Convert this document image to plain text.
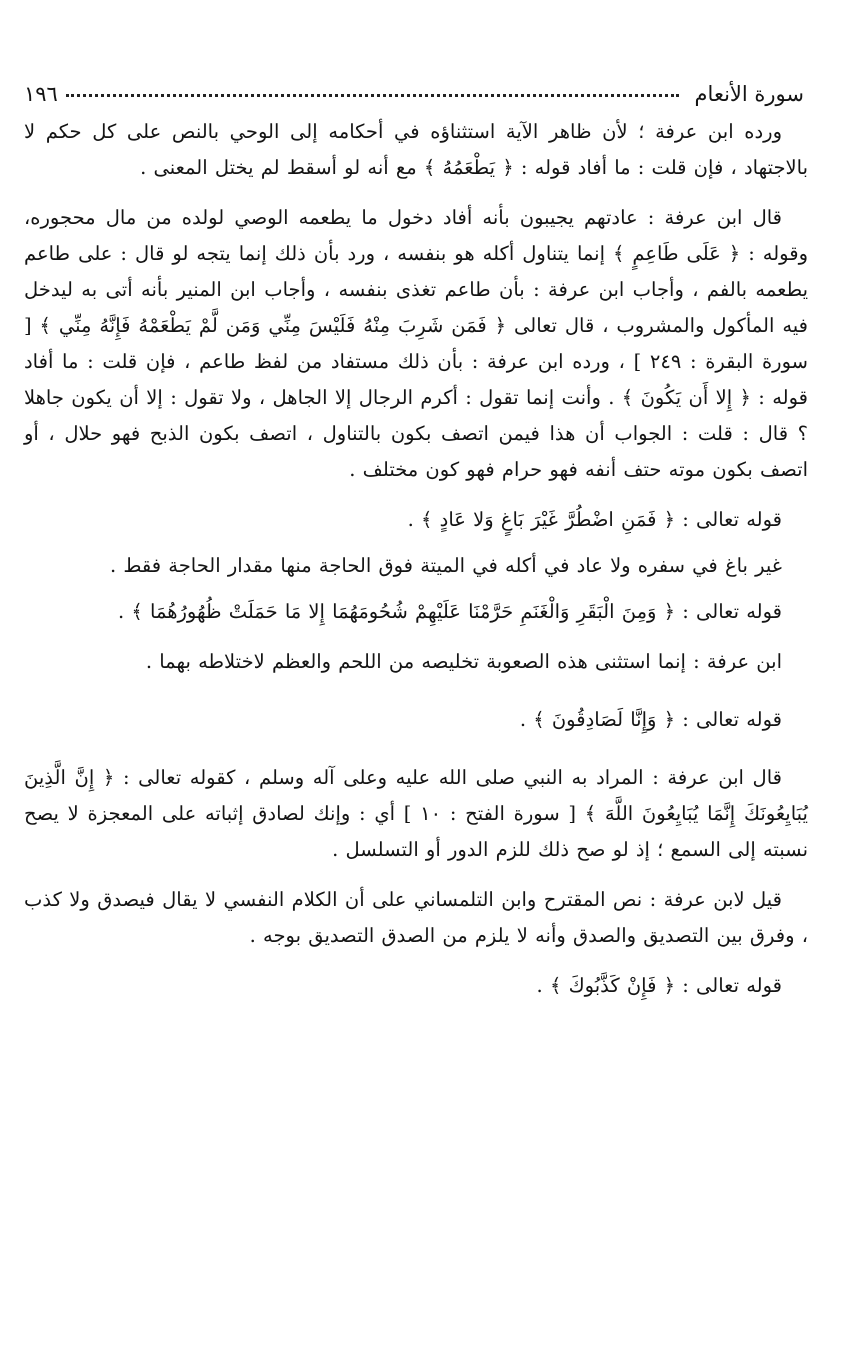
سورة الأنعام
١٩٦

ورده ابن عرفة ؛ لأن ظاهر الآية استثناؤه في أحكامه إلى الوحي بالنص على كل حكم لا بالاجتهاد ، فإن قلت : ما أفاد قوله : ﴿ يَطْعَمُهُ ﴾ مع أنه لو أسقط لم يختل المعنى .

قال ابن عرفة : عادتهم يجيبون بأنه أفاد دخول ما يطعمه الوصي لولده من مال محجوره، وقوله : ﴿ عَلَى طَاعِمٍ ﴾ إنما يتناول أكله هو بنفسه ، ورد بأن ذلك إنما يتجه لو قال : على طاعم يطعمه بالفم ، وأجاب ابن عرفة : بأن طاعم تغذى بنفسه ، وأجاب ابن المنير بأنه أتى به ليدخل فيه المأكول والمشروب ، قال تعالى ﴿ فَمَن شَرِبَ مِنْهُ فَلَيْسَ مِنِّي وَمَن لَّمْ يَطْعَمْهُ فَإِنَّهُ مِنِّي ﴾ [ سورة البقرة : ٢٤٩ ] ، ورده ابن عرفة : بأن ذلك مستفاد من لفظ طاعم ، فإن قلت : ما أفاد قوله : ﴿ إِلا أَن يَكُونَ ﴾ . وأنت إنما تقول : أكرم الرجال إلا الجاهل ، ولا تقول : إلا أن يكون جاهلا ؟ قال : قلت : الجواب أن هذا فيمن اتصف بكون بالتناول ، اتصف بكون الذبح فهو حلال ، أو اتصف بكون موته حتف أنفه فهو حرام فهو كون مختلف .

قوله تعالى : ﴿ فَمَنِ اضْطُرَّ غَيْرَ بَاغٍ وَلا عَادٍ ﴾ .

غير باغ في سفره ولا عاد في أكله في الميتة فوق الحاجة منها مقدار الحاجة فقط .

قوله تعالى : ﴿ وَمِنَ الْبَقَرِ وَالْغَنَمِ حَرَّمْنَا عَلَيْهِمْ شُحُومَهُمَا إِلا مَا حَمَلَتْ ظُهُورُهُمَا ﴾ .

ابن عرفة : إنما استثنى هذه الصعوبة تخليصه من اللحم والعظم لاختلاطه بهما .

قوله تعالى : ﴿ وَإِنَّا لَصَادِقُونَ ﴾ .

قال ابن عرفة : المراد به النبي صلى الله عليه وعلى آله وسلم ، كقوله تعالى : ﴿ إِنَّ الَّذِينَ يُبَايِعُونَكَ إِنَّمَا يُبَايِعُونَ اللَّهَ ﴾ [ سورة الفتح : ١٠ ] أي : وإنك لصادق إثباته على المعجزة لا يصح نسبته إلى السمع ؛ إذ لو صح ذلك للزم الدور أو التسلسل .

قيل لابن عرفة : نص المقترح وابن التلمساني على أن الكلام النفسي لا يقال فيصدق ولا كذب ، وفرق بين التصديق والصدق وأنه لا يلزم من الصدق التصديق بوجه .

قوله تعالى : ﴿ فَإِنْ كَذَّبُوكَ ﴾ .
